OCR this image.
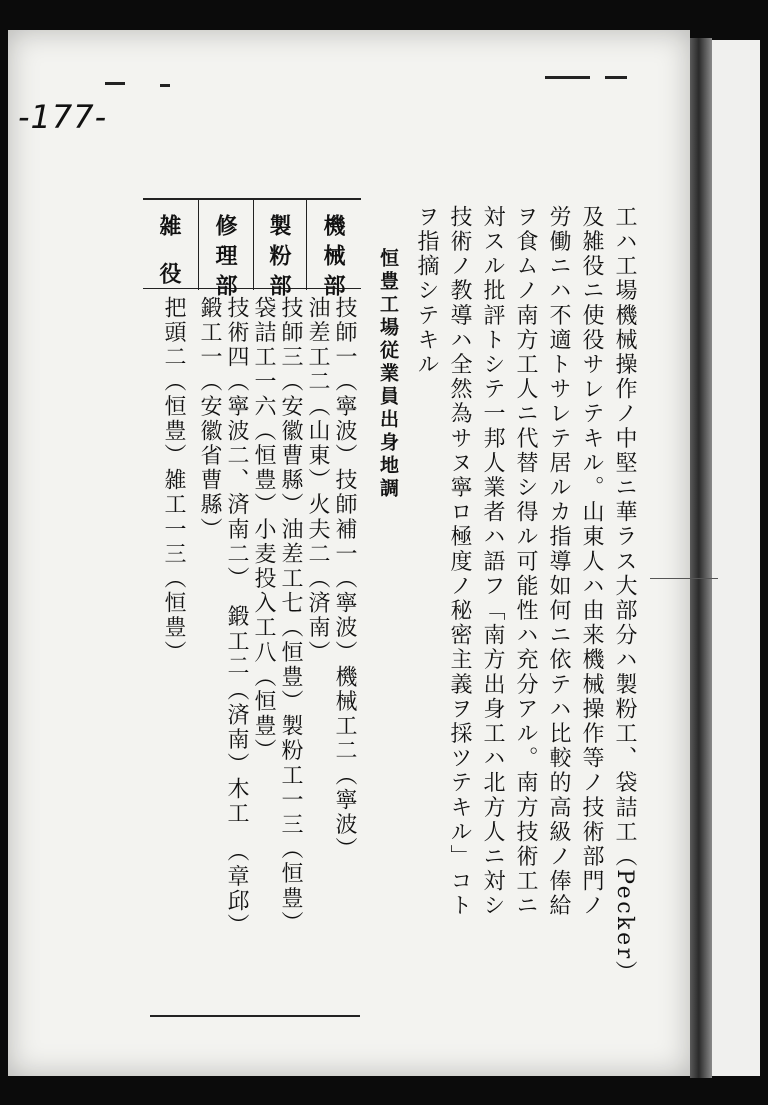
-177-
工ハ工場機械操作ノ中堅ニ華ラス大部分ハ製粉工、袋詰工（Pecker）
及雑役ニ使役サレテキル。山東人ハ由来機械操作等ノ技術部門ノ
労働ニハ不適トサレテ居ルカ指導如何ニ依テハ比較的高級ノ俸給
ヲ食ムノ南方工人ニ代替シ得ル可能性ハ充分アル。南方技術工ニ
対スル批評トシテ一邦人業者ハ語フ「南方出身工ハ北方人ニ対シ
技術ノ教導ハ全然為サヌ寧ロ極度ノ秘密主義ヲ採ツテキル」コト
ヲ指摘シテキル
恒豊工場従業員出身地調
機械部
製粉部
修理部
雑役
技師一（寧波）技師補一（寧波）機械工二（寧波）
油差工二（山東）火夫二（済南）
技師三（安徽曹縣）油差工七（恒豊）製粉工一三（恒豊）
袋詰工一六（恒豊）小麦投入工八（恒豊）
技術四（寧波二、済南二）　鍛工二（済南）木工　（章邱）
鍛工一（安徽省曹縣）
把頭二（恒豊）雑工一三（恒豊）
